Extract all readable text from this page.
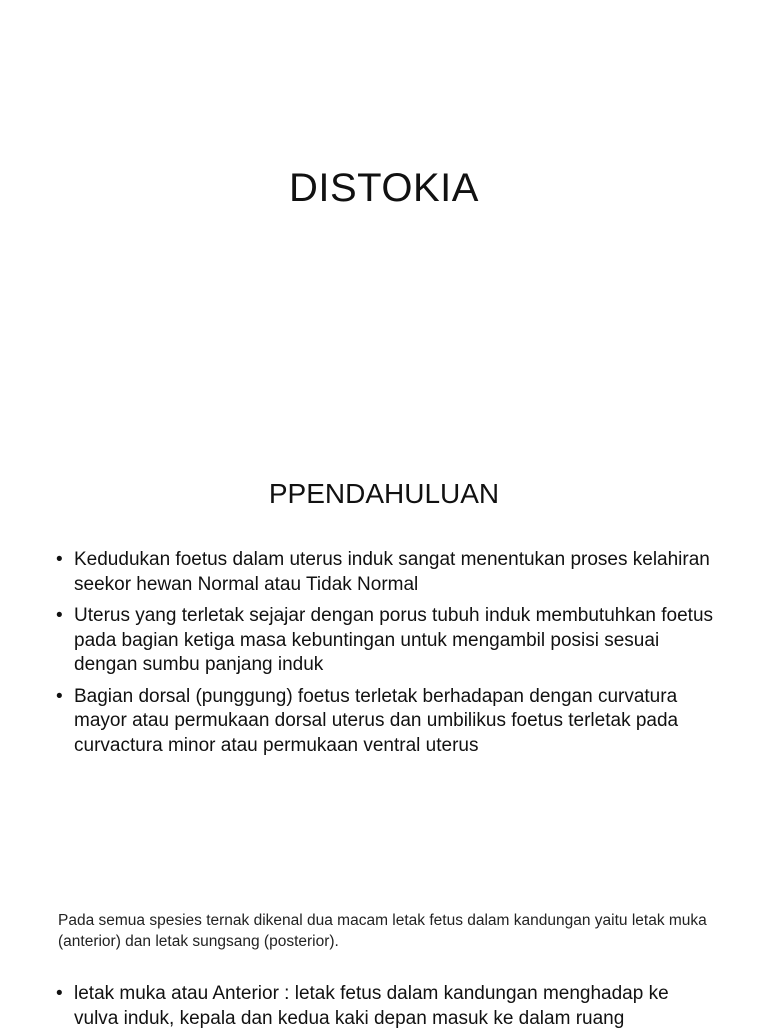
DISTOKIA
PPENDAHULUAN
• Kedudukan foetus dalam uterus induk sangat menentukan proses kelahiran seekor hewan Normal atau Tidak Normal
• Uterus yang terletak sejajar dengan porus tubuh induk membutuhkan foetus pada bagian ketiga masa kebuntingan untuk mengambil posisi sesuai dengan sumbu panjang induk
• Bagian dorsal (punggung) foetus terletak berhadapan dengan curvatura mayor atau permukaan dorsal uterus dan umbilikus foetus terletak pada curvactura minor atau permukaan ventral uterus

Pada semua spesies ternak dikenal dua macam letak fetus dalam kandungan yaitu letak muka (anterior) dan letak sungsang (posterior).

• letak muka atau Anterior : letak fetus dalam kandungan menghadap ke vulva induk, kepala dan kedua kaki depan masuk ke dalam ruang
